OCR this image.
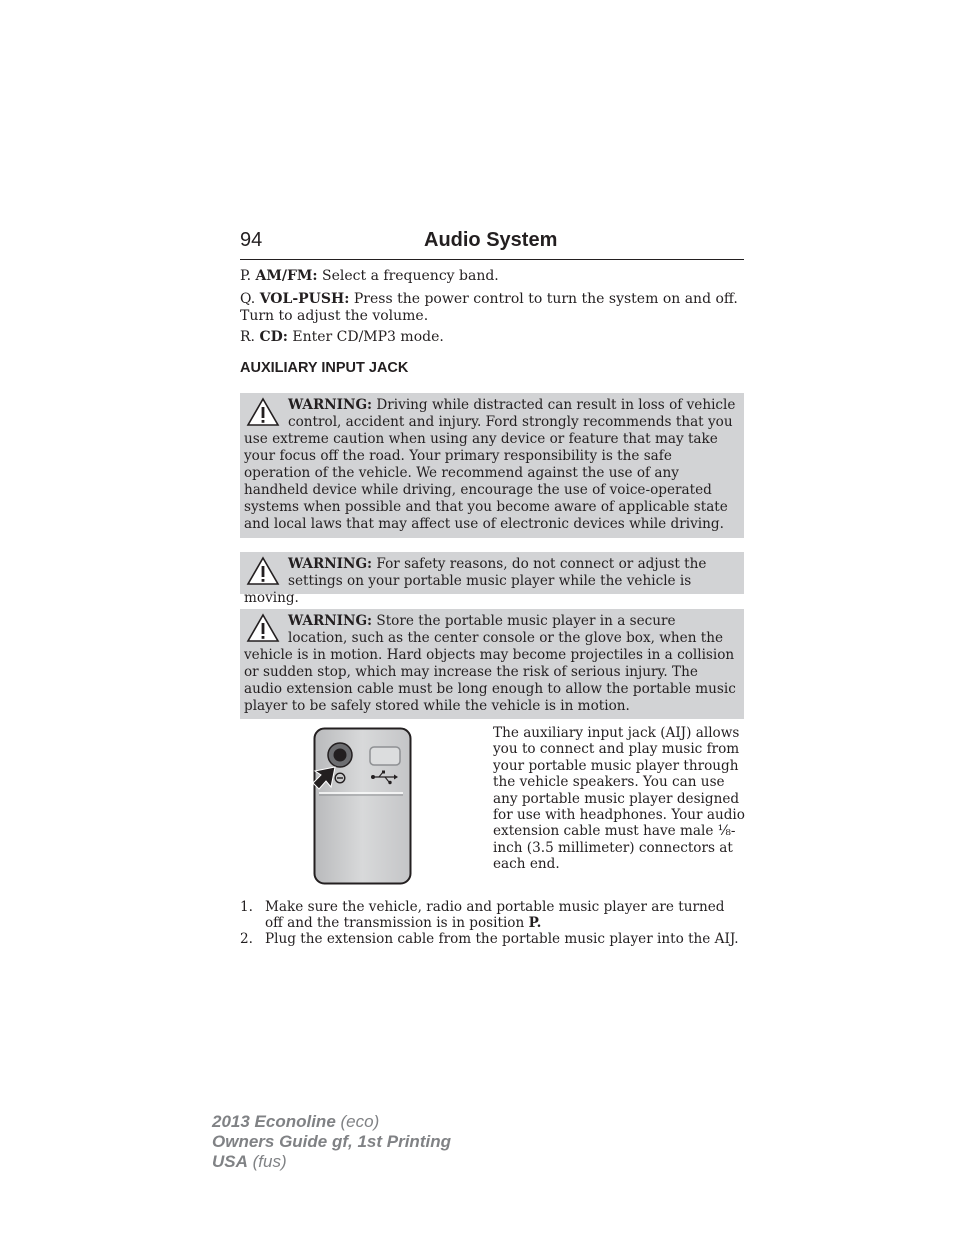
94	Audio System
P. AM/FM: Select a frequency band.
Q. VOL-PUSH: Press the power control to turn the system on and off. Turn to adjust the volume.
R. CD: Enter CD/MP3 mode.
AUXILIARY INPUT JACK
WARNING: Driving while distracted can result in loss of vehicle control, accident and injury. Ford strongly recommends that you use extreme caution when using any device or feature that may take your focus off the road. Your primary responsibility is the safe operation of the vehicle. We recommend against the use of any handheld device while driving, encourage the use of voice-operated systems when possible and that you become aware of applicable state and local laws that may affect use of electronic devices while driving.
WARNING: For safety reasons, do not connect or adjust the settings on your portable music player while the vehicle is moving.
WARNING: Store the portable music player in a secure location, such as the center console or the glove box, when the vehicle is in motion. Hard objects may become projectiles in a collision or sudden stop, which may increase the risk of serious injury. The audio extension cable must be long enough to allow the portable music player to be safely stored while the vehicle is in motion.
The auxiliary input jack (AIJ) allows you to connect and play music from your portable music player through the vehicle speakers. You can use any portable music player designed for use with headphones. Your audio extension cable must have male ⅛-inch (3.5 millimeter) connectors at each end.
1. Make sure the vehicle, radio and portable music player are turned off and the transmission is in position P.
2. Plug the extension cable from the portable music player into the AIJ.
2013 Econoline (eco)
Owners Guide gf, 1st Printing
USA (fus)
